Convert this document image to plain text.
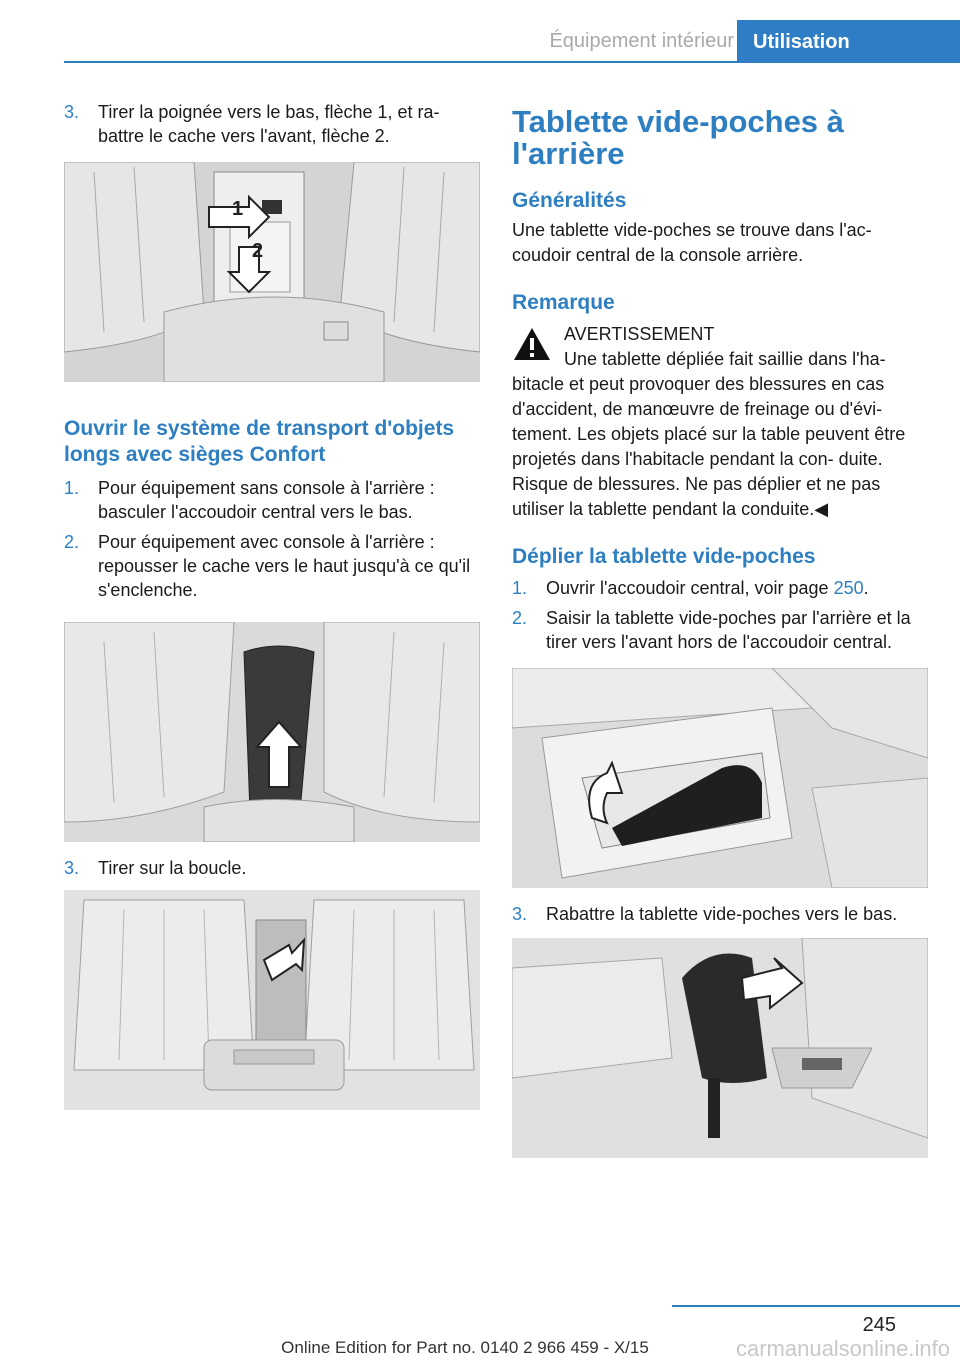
Équipement intérieur Utilisation
3.	Tirer la poignée vers le bas, flèche 1, et ra‐ battre le cache vers l'avant, flèche 2.
1
2
Ouvrir le système de transport d'objets longs avec sièges Confort
1.	Pour équipement sans console à l'arrière : basculer l'accoudoir central vers le bas.
2.	Pour équipement avec console à l'arrière : repousser le cache vers le haut jusqu'à ce qu'il s'enclenche.
3.	Tirer sur la boucle.
Tablette vide-poches à l'arrière
Généralités

Une tablette vide-poches se trouve dans l'ac‐ coudoir central de la console arrière.

Remarque
AVERTISSEMENT
Une tablette dépliée fait saillie dans l'ha‐
bitacle et peut provoquer des blessures en cas d'accident, de manœuvre de freinage ou d'évi‐ tement. Les objets placé sur la table peuvent être projetés dans l'habitacle pendant la con‐ duite. Risque de blessures. Ne pas déplier et ne pas utiliser la tablette pendant la conduite.◀
Déplier la tablette vide-poches
1.	Ouvrir l'accoudoir central, voir page 250.
2.	Saisir la tablette vide-poches par l'arrière et la tirer vers l'avant hors de l'accoudoir central.
3.	Rabattre la tablette vide-poches vers le bas.
245
Online Edition for Part no. 0140 2 966 459 - X/15	carmanualsonline.info
